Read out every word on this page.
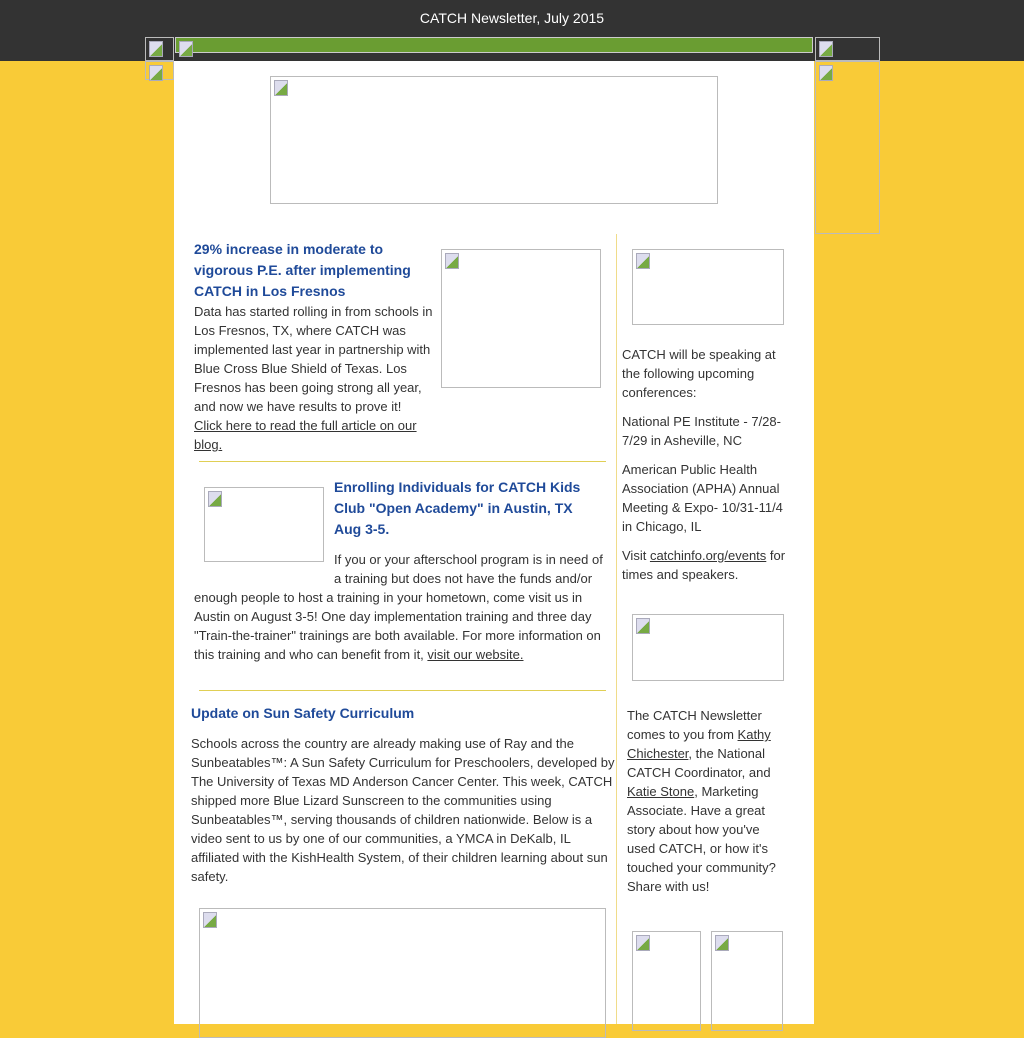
CATCH Newsletter, July 2015
29% increase in moderate to vigorous P.E. after implementing CATCH in Los Fresnos
Data has started rolling in from schools in Los Fresnos, TX, where CATCH was implemented last year in partnership with Blue Cross Blue Shield of Texas. Los Fresnos has been going strong all year, and now we have results to prove it!
Click here to read the full article on our blog.
Enrolling Individuals for CATCH Kids Club "Open Academy" in Austin, TX Aug 3-5.
If you or your afterschool program is in need of a training but does not have the funds and/or enough people to host a training in your hometown, come visit us in Austin on August 3-5! One day implementation training and three day "Train-the-trainer" trainings are both available. For more information on this training and who can benefit from it, visit our website.
Update on Sun Safety Curriculum
Schools across the country are already making use of Ray and the Sunbeatables™: A Sun Safety Curriculum for Preschoolers, developed by The University of Texas MD Anderson Cancer Center. This week, CATCH shipped more Blue Lizard Sunscreen to the communities using Sunbeatables™, serving thousands of children nationwide. Below is a video sent to us by one of our communities, a YMCA in DeKalb, IL affiliated with the KishHealth System, of their children learning about sun safety.
CATCH will be speaking at the following upcoming conferences:
National PE Institute - 7/28-7/29 in Asheville, NC
American Public Health Association (APHA) Annual Meeting & Expo- 10/31-11/4 in Chicago, IL
Visit catchinfo.org/events for times and speakers.
The CATCH Newsletter comes to you from Kathy Chichester, the National CATCH Coordinator, and Katie Stone, Marketing Associate. Have a great story about how you've used CATCH, or how it's touched your community? Share with us!
